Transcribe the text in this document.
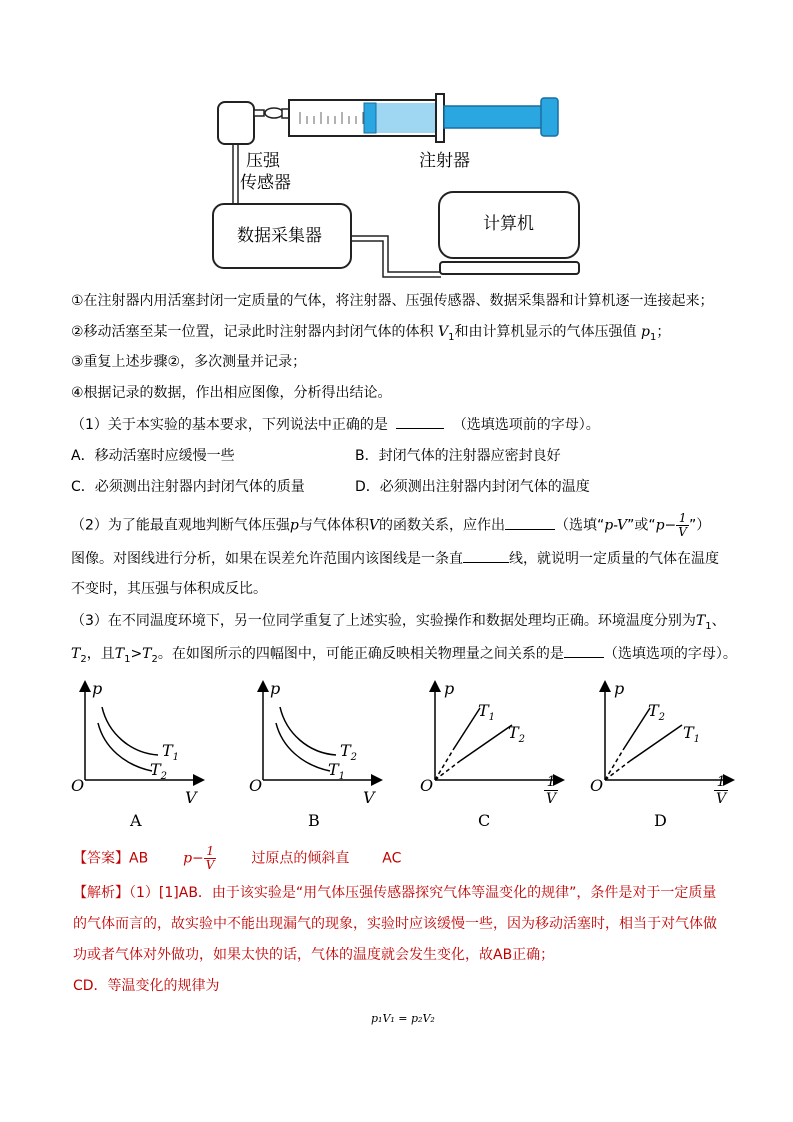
压强
传感器
注射器
数据采集器
计算机
①在注射器内用活塞封闭一定质量的气体，将注射器、压强传感器、数据采集器和计算机逐一连接起来；
②移动活塞至某一位置，记录此时注射器内封闭气体的体积 $V_1$和由计算机显示的气体压强值 $p_1$；
③重复上述步骤②，多次测量并记录；
④根据记录的数据，作出相应图像，分析得出结论。
（1）关于本实验的基本要求，下列说法中正确的是	（选填选项前的字母）。
A．移动活塞时应缓慢一些	B．封闭气体的注射器应密封良好
C．必须测出注射器内封闭气体的质量	D．必须测出注射器内封闭气体的温度
（2）为了能最直观地判断气体压强p与气体体积V的函数关系，应作出	（选填“p-V”或“$p- \frac{1}{V}$ ”）
图像。对图线进行分析，如果在误差允许范围内该图线是一条直	线，就说明一定质量的气体在温度
不变时，其压强与体积成反比。
（3）在不同温度环境下，另一位同学重复了上述实验，实验操作和数据处理均正确。环境温度分别为$T_1$、
$T_2$，且$T_1>T_2$。在如图所示的四幅图中，可能正确反映相关物理量之间关系的是	（选填选项的字母）。
p
O
V
$T_1$
$T_2$
A
p
O
V
$T_2$
$T_1$
B
p
O	$\frac{1}{V}$
$T_1$
$T_2$
C
p
O	$\frac{1}{V}$
$T_2$
$T_1$
D
【答案】AB $p- \frac{1}{V}$ 过原点的倾斜直 AC
【解析】（1）[1]AB．由于该实验是“用气体压强传感器探究气体等温变化的规律”，条件是对于一定质量
的气体而言的，故实验中不能出现漏气的现象，实验时应该缓慢一些，因为移动活塞时，相当于对气体做
功或者气体对外做功，如果太快的话，气体的温度就会发生变化，故AB正确；
CD．等温变化的规律为
p₁V₁ = p₂V₂
